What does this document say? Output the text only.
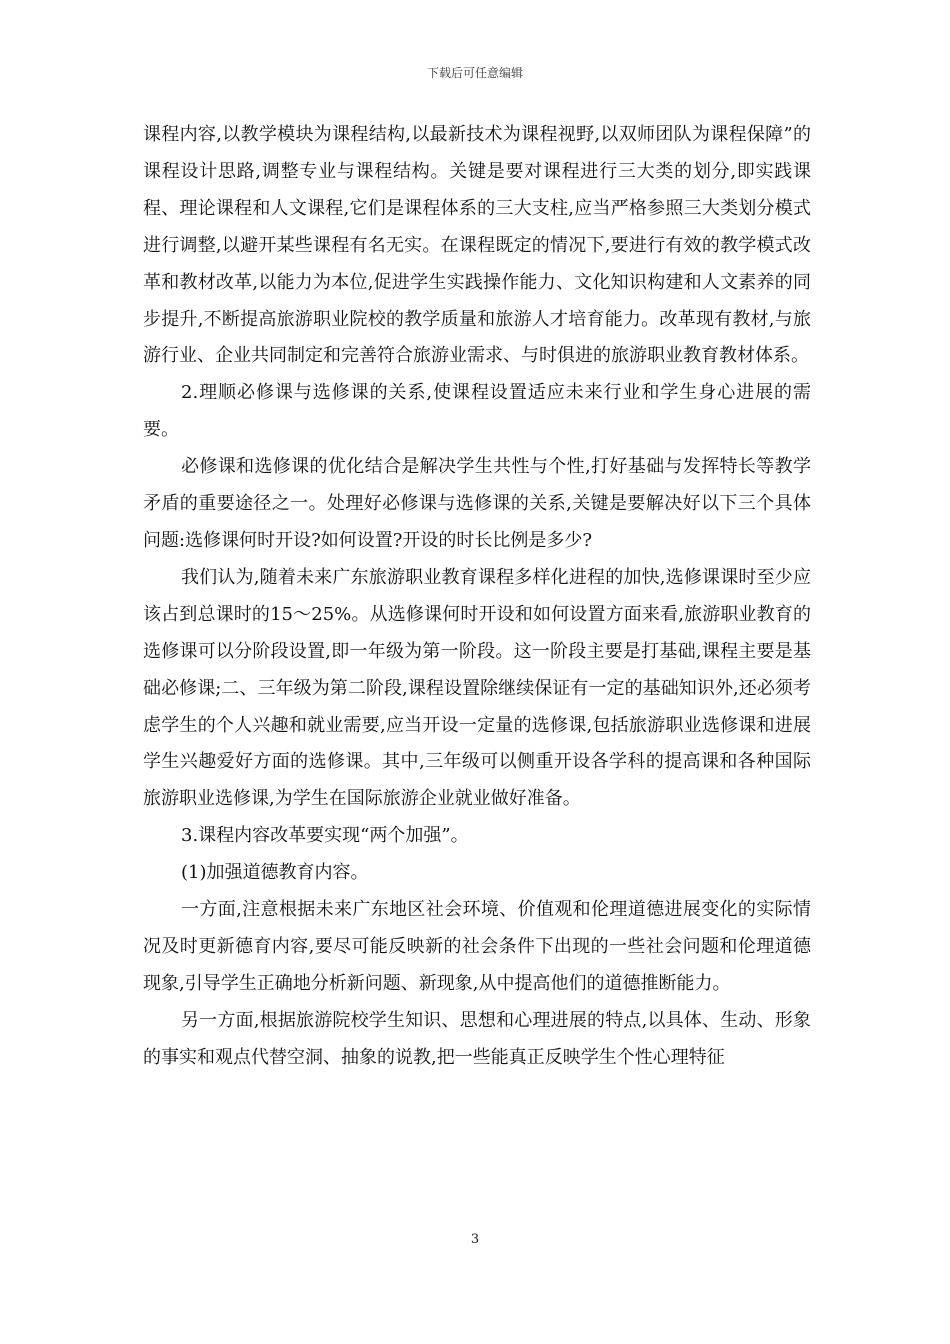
下载后可任意编辑

课程内容,以教学模块为课程结构,以最新技术为课程视野,以双师团队为课程保障”的课程设计思路,调整专业与课程结构。关键是要对课程进行三大类的划分,即实践课程、理论课程和人文课程,它们是课程体系的三大支柱,应当严格参照三大类划分模式进行调整,以避开某些课程有名无实。在课程既定的情况下,要进行有效的教学模式改革和教材改革,以能力为本位,促进学生实践操作能力、文化知识构建和人文素养的同步提升,不断提高旅游职业院校的教学质量和旅游人才培育能力。改革现有教材,与旅游行业、企业共同制定和完善符合旅游业需求、与时俱进的旅游职业教育教材体系。

2.理顺必修课与选修课的关系,使课程设置适应未来行业和学生身心进展的需要。

必修课和选修课的优化结合是解决学生共性与个性,打好基础与发挥特长等教学矛盾的重要途径之一。处理好必修课与选修课的关系,关键是要解决好以下三个具体问题:选修课何时开设?如何设置?开设的时长比例是多少?

我们认为,随着未来广东旅游职业教育课程多样化进程的加快,选修课课时至少应该占到总课时的15～25%。从选修课何时开设和如何设置方面来看,旅游职业教育的选修课可以分阶段设置,即一年级为第一阶段。这一阶段主要是打基础,课程主要是基础必修课;二、三年级为第二阶段,课程设置除继续保证有一定的基础知识外,还必须考虑学生的个人兴趣和就业需要,应当开设一定量的选修课,包括旅游职业选修课和进展学生兴趣爱好方面的选修课。其中,三年级可以侧重开设各学科的提高课和各种国际旅游职业选修课,为学生在国际旅游企业就业做好准备。

3.课程内容改革要实现“两个加强”。

(1)加强道德教育内容。

一方面,注意根据未来广东地区社会环境、价值观和伦理道德进展变化的实际情况及时更新德育内容,要尽可能反映新的社会条件下出现的一些社会问题和伦理道德现象,引导学生正确地分析新问题、新现象,从中提高他们的道德推断能力。

另一方面,根据旅游院校学生知识、思想和心理进展的特点,以具体、生动、形象的事实和观点代替空洞、抽象的说教,把一些能真正反映学生个性心理特征

3
